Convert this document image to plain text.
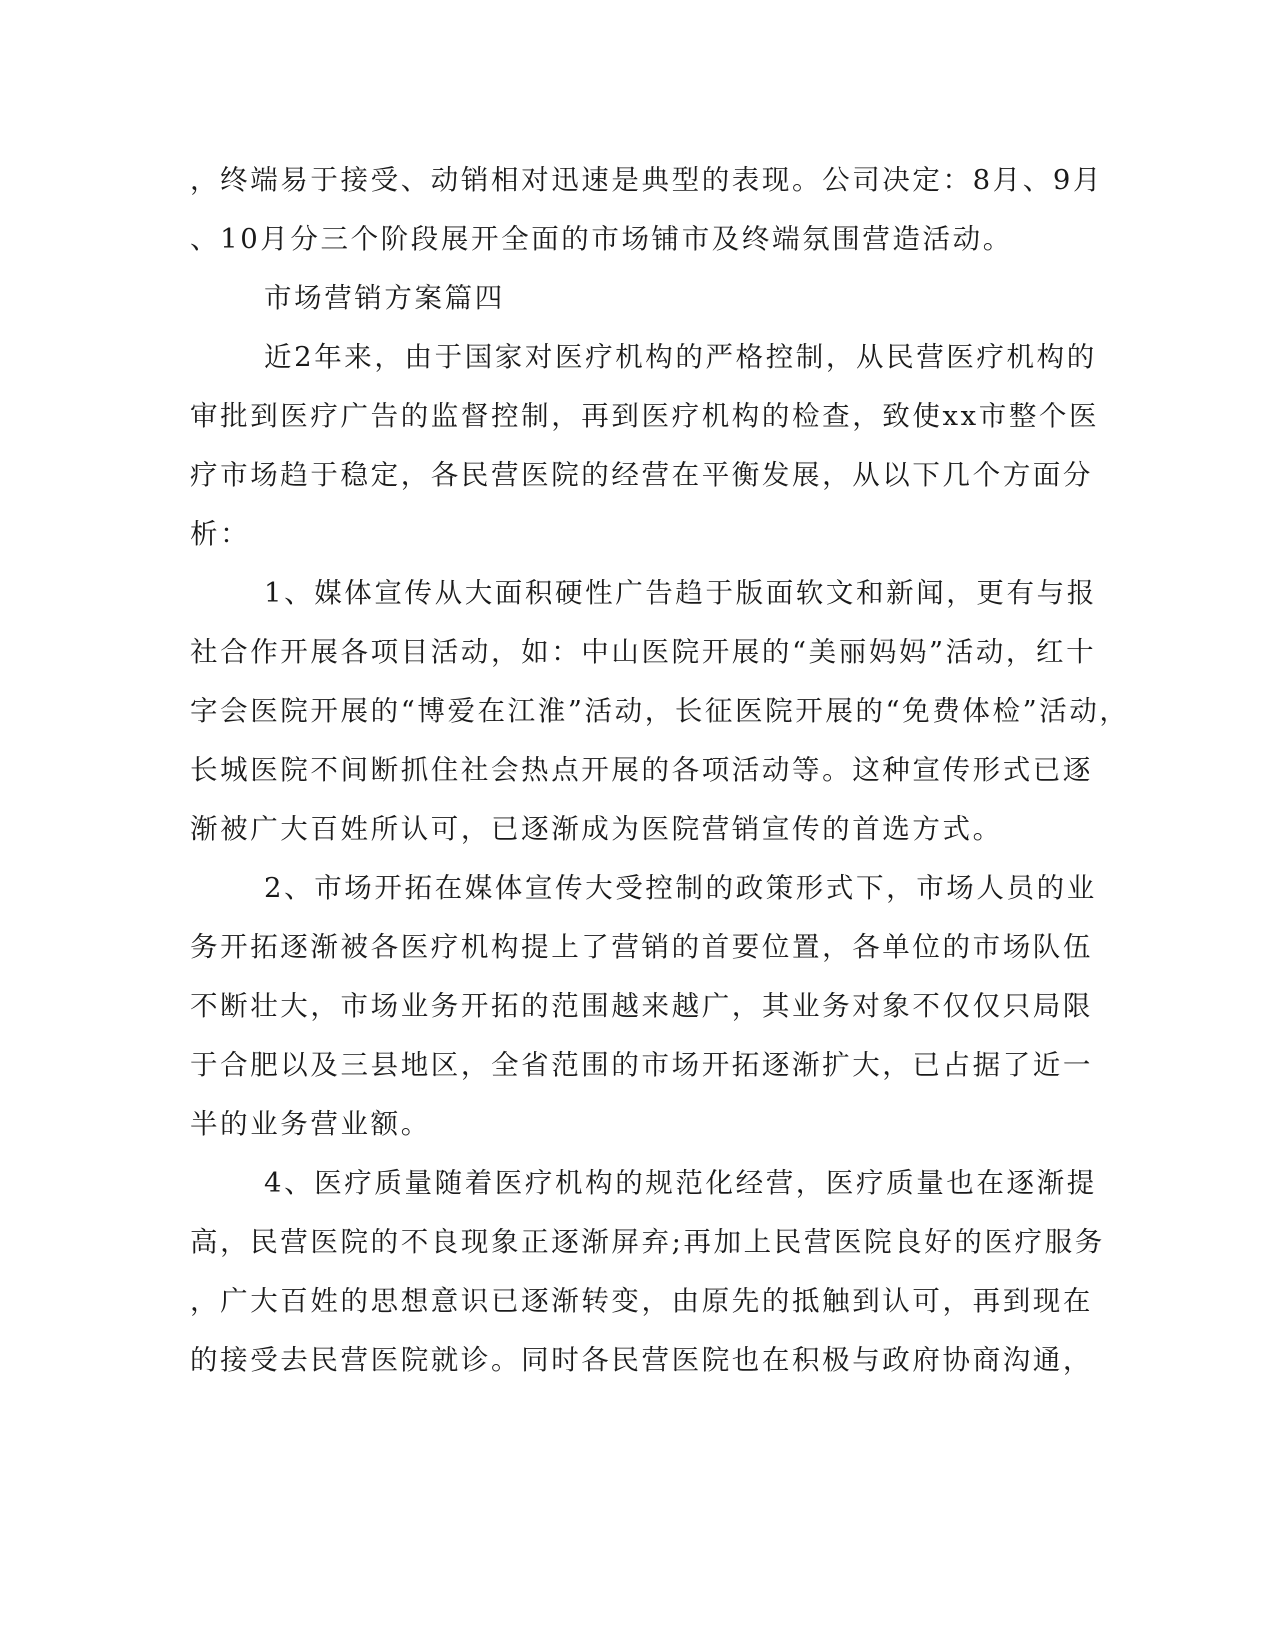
，终端易于接受、动销相对迅速是典型的表现。公司决定：8月、9月
、10月分三个阶段展开全面的市场铺市及终端氛围营造活动。
市场营销方案篇四
近2年来，由于国家对医疗机构的严格控制，从民营医疗机构的
审批到医疗广告的监督控制，再到医疗机构的检查，致使xx市整个医
疗市场趋于稳定，各民营医院的经营在平衡发展，从以下几个方面分
析：
1、媒体宣传从大面积硬性广告趋于版面软文和新闻，更有与报
社合作开展各项目活动，如：中山医院开展的“美丽妈妈”活动，红十
字会医院开展的“博爱在江淮”活动，长征医院开展的“免费体检”活动，
长城医院不间断抓住社会热点开展的各项活动等。这种宣传形式已逐
渐被广大百姓所认可，已逐渐成为医院营销宣传的首选方式。
2、市场开拓在媒体宣传大受控制的政策形式下，市场人员的业
务开拓逐渐被各医疗机构提上了营销的首要位置，各单位的市场队伍
不断壮大，市场业务开拓的范围越来越广，其业务对象不仅仅只局限
于合肥以及三县地区，全省范围的市场开拓逐渐扩大，已占据了近一
半的业务营业额。
4、医疗质量随着医疗机构的规范化经营，医疗质量也在逐渐提
高，民营医院的不良现象正逐渐屏弃;再加上民营医院良好的医疗服务
，广大百姓的思想意识已逐渐转变，由原先的抵触到认可，再到现在
的接受去民营医院就诊。同时各民营医院也在积极与政府协商沟通，
